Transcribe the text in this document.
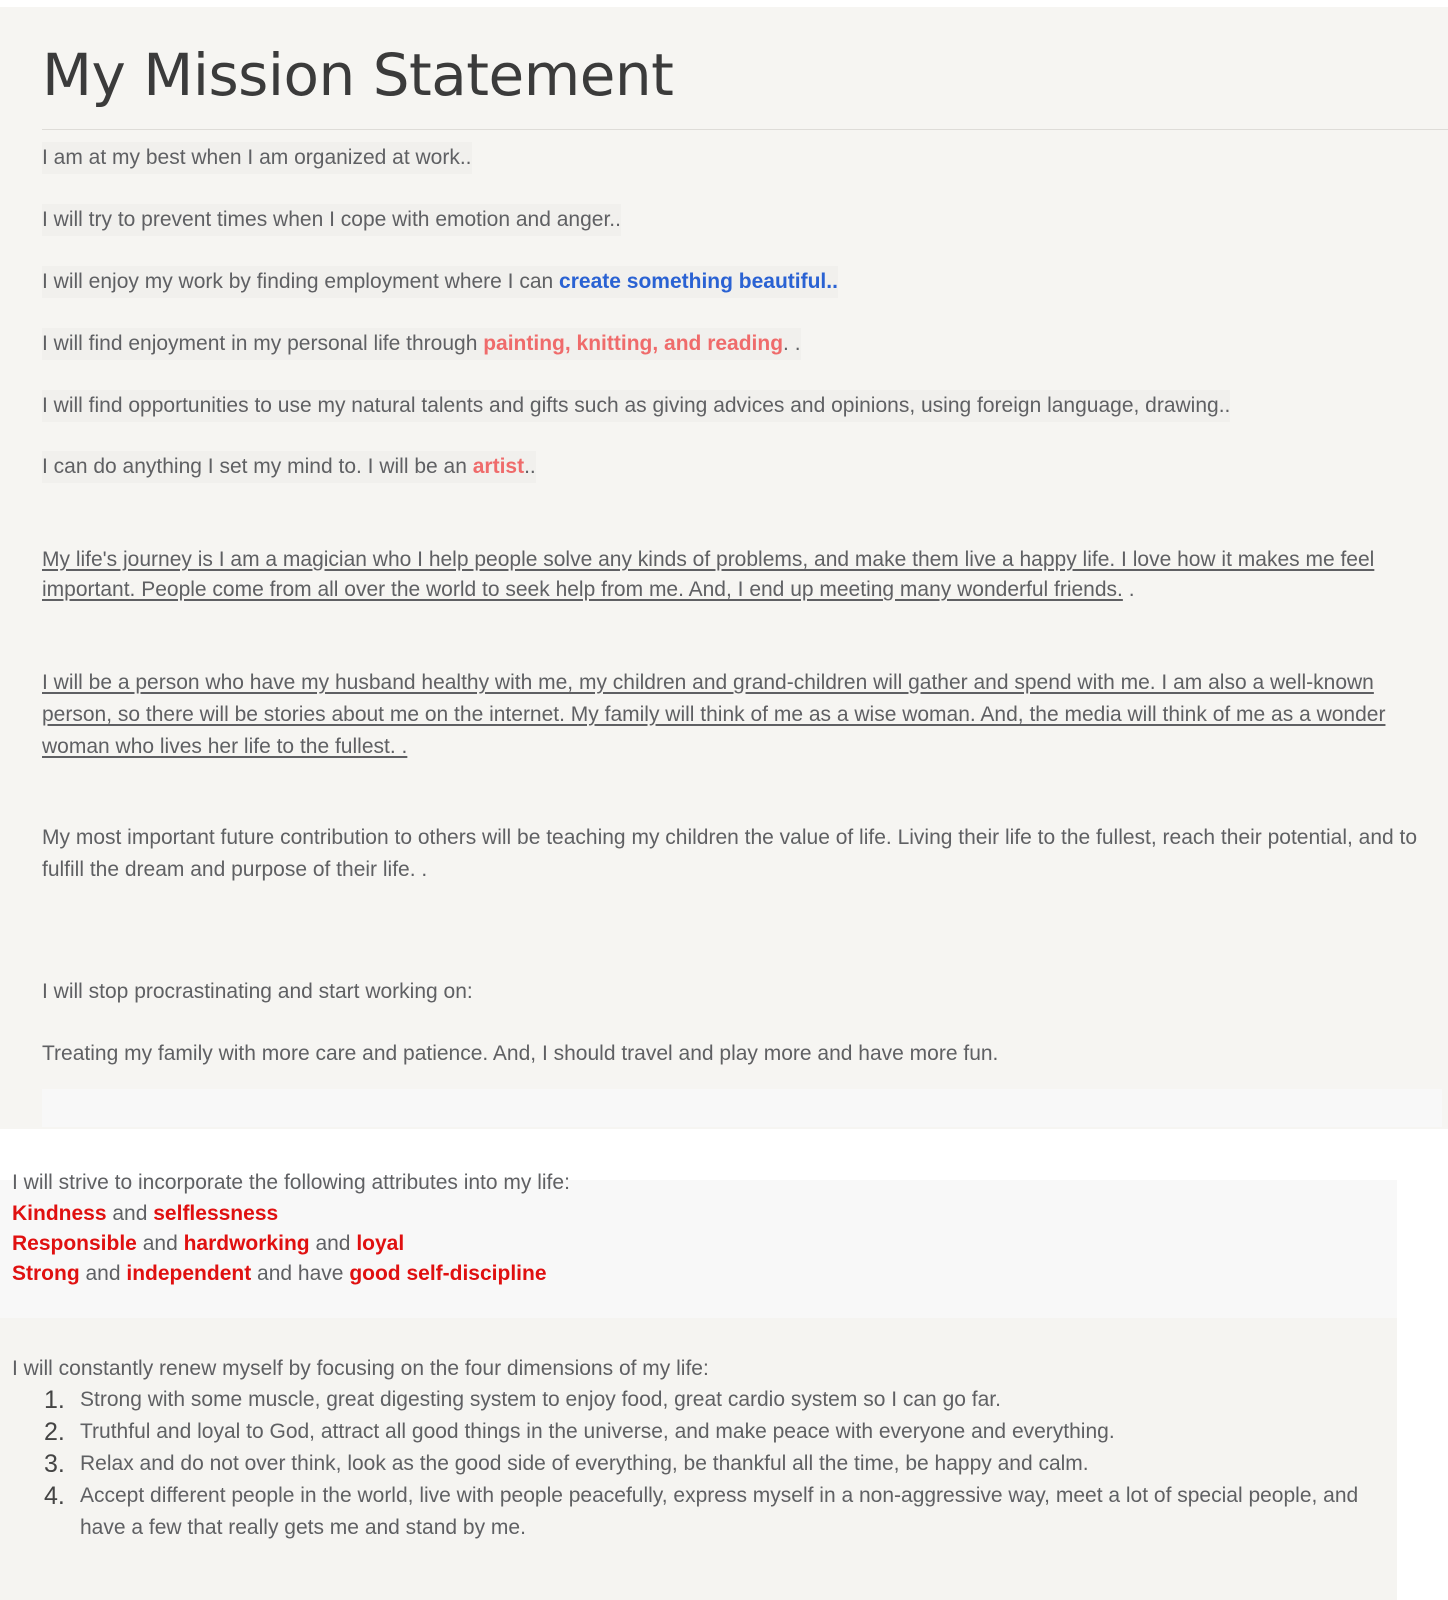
My Mission Statement

I am at my best when I am organized at work..

I will try to prevent times when I cope with emotion and anger..

I will enjoy my work by finding employment where I can create something beautiful..

I will find enjoyment in my personal life through painting, knitting, and reading. .

I will find opportunities to use my natural talents and gifts such as giving advices and opinions, using foreign language, drawing..

I can do anything I set my mind to. I will be an artist..

My life's journey is I am a magician who I help people solve any kinds of problems, and make them live a happy life. I love how it makes me feel important. People come from all over the world to seek help from me. And, I end up meeting many wonderful friends. .

I will be a person who have my husband healthy with me, my children and grand-children will gather and spend with me. I am also a well-known person, so there will be stories about me on the internet. My family will think of me as a wise woman. And, the media will think of me as a wonder woman who lives her life to the fullest. .

My most important future contribution to others will be teaching my children the value of life. Living their life to the fullest, reach their potential, and to fulfill the dream and purpose of their life. .

I will stop procrastinating and start working on:

Treating my family with more care and patience. And, I should travel and play more and have more fun.

I will strive to incorporate the following attributes into my life:

Kindness and selflessness

Responsible and hardworking and loyal

Strong and independent and have good self-discipline

I will constantly renew myself by focusing on the four dimensions of my life:

1. Strong with some muscle, great digesting system to enjoy food, great cardio system so I can go far.
2. Truthful and loyal to God, attract all good things in the universe, and make peace with everyone and everything.
3. Relax and do not over think, look as the good side of everything, be thankful all the time, be happy and calm.
4. Accept different people in the world, live with people peacefully, express myself in a non-aggressive way, meet a lot of special people, and have a few that really gets me and stand by me.
